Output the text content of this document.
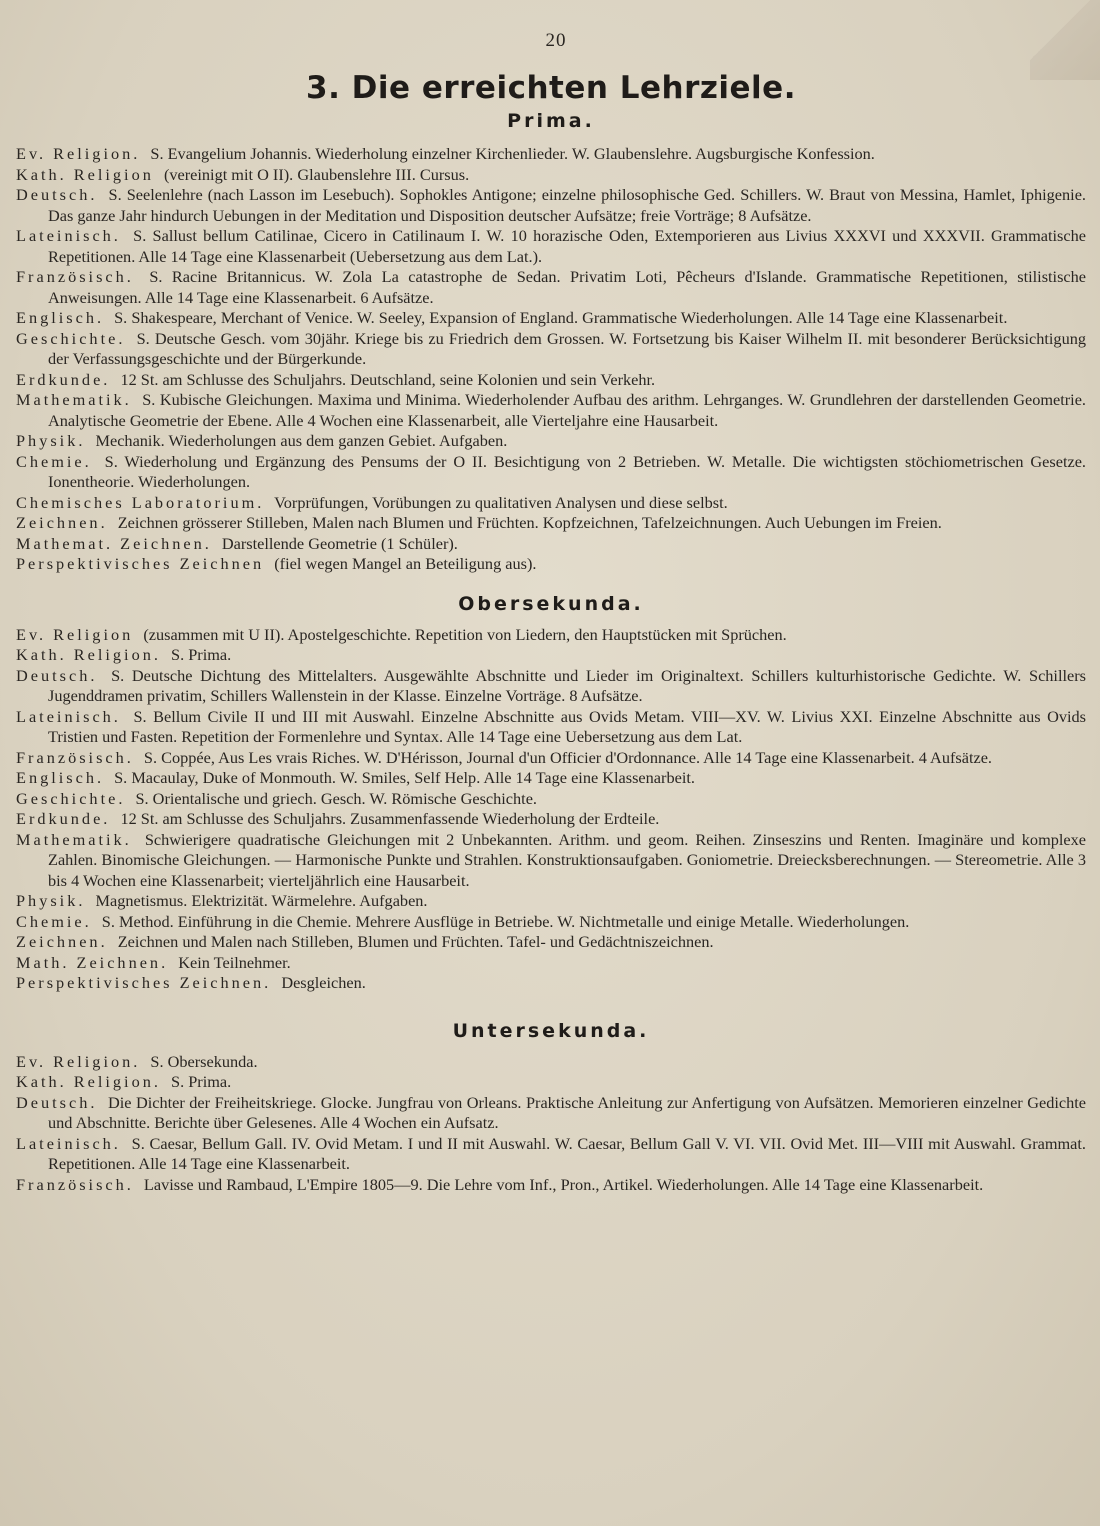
20
3. Die erreichten Lehrziele.
Prima.
Ev. Religion. S. Evangelium Johannis. Wiederholung einzelner Kirchenlieder. W. Glaubenslehre. Augsburgische Konfession.
Kath. Religion (vereinigt mit O II). Glaubenslehre III. Cursus.
Deutsch. S. Seelenlehre (nach Lasson im Lesebuch). Sophokles Antigone; einzelne philosophische Ged. Schillers. W. Braut von Messina, Hamlet, Iphigenie. Das ganze Jahr hindurch Uebungen in der Meditation und Disposition deutscher Aufsätze; freie Vorträge; 8 Aufsätze.
Lateinisch. S. Sallust bellum Catilinae, Cicero in Catilinaum I. W. 10 horazische Oden, Extemporieren aus Livius XXXVI und XXXVII. Grammatische Repetitionen. Alle 14 Tage eine Klassenarbeit (Uebersetzung aus dem Lat.).
Französisch. S. Racine Britannicus. W. Zola La catastrophe de Sedan. Privatim Loti, Pêcheurs d'Islande. Grammatische Repetitionen, stilistische Anweisungen. Alle 14 Tage eine Klassenarbeit. 6 Aufsätze.
Englisch. S. Shakespeare, Merchant of Venice. W. Seeley, Expansion of England. Grammatische Wiederholungen. Alle 14 Tage eine Klassenarbeit.
Geschichte. S. Deutsche Gesch. vom 30jähr. Kriege bis zu Friedrich dem Grossen. W. Fortsetzung bis Kaiser Wilhelm II. mit besonderer Berücksichtigung der Verfassungsgeschichte und der Bürgerkunde.
Erdkunde. 12 St. am Schlusse des Schuljahrs. Deutschland, seine Kolonien und sein Verkehr.
Mathematik. S. Kubische Gleichungen. Maxima und Minima. Wiederholender Aufbau des arithm. Lehrganges. W. Grundlehren der darstellenden Geometrie. Analytische Geometrie der Ebene. Alle 4 Wochen eine Klassenarbeit, alle Vierteljahre eine Hausarbeit.
Physik. Mechanik. Wiederholungen aus dem ganzen Gebiet. Aufgaben.
Chemie. S. Wiederholung und Ergänzung des Pensums der O II. Besichtigung von 2 Betrieben. W. Metalle. Die wichtigsten stöchiometrischen Gesetze. Ionentheorie. Wiederholungen.
Chemisches Laboratorium. Vorprüfungen, Vorübungen zu qualitativen Analysen und diese selbst.
Zeichnen. Zeichnen grösserer Stilleben, Malen nach Blumen und Früchten. Kopfzeichnen, Tafelzeichnungen. Auch Uebungen im Freien.
Mathemat. Zeichnen. Darstellende Geometrie (1 Schüler).
Perspektivisches Zeichnen (fiel wegen Mangel an Beteiligung aus).
Obersekunda.
Ev. Religion (zusammen mit U II). Apostelgeschichte. Repetition von Liedern, den Hauptstücken mit Sprüchen.
Kath. Religion. S. Prima.
Deutsch. S. Deutsche Dichtung des Mittelalters. Ausgewählte Abschnitte und Lieder im Originaltext. Schillers kulturhistorische Gedichte. W. Schillers Jugenddramen privatim, Schillers Wallenstein in der Klasse. Einzelne Vorträge. 8 Aufsätze.
Lateinisch. S. Bellum Civile II und III mit Auswahl. Einzelne Abschnitte aus Ovids Metam. VIII—XV. W. Livius XXI. Einzelne Abschnitte aus Ovids Tristien und Fasten. Repetition der Formenlehre und Syntax. Alle 14 Tage eine Uebersetzung aus dem Lat.
Französisch. S. Coppée, Aus Les vrais Riches. W. D'Hérisson, Journal d'un Officier d'Ordonnance. Alle 14 Tage eine Klassenarbeit. 4 Aufsätze.
Englisch. S. Macaulay, Duke of Monmouth. W. Smiles, Self Help. Alle 14 Tage eine Klassenarbeit.
Geschichte. S. Orientalische und griech. Gesch. W. Römische Geschichte.
Erdkunde. 12 St. am Schlusse des Schuljahrs. Zusammenfassende Wiederholung der Erdteile.
Mathematik. Schwierigere quadratische Gleichungen mit 2 Unbekannten. Arithm. und geom. Reihen. Zinseszins und Renten. Imaginäre und komplexe Zahlen. Binomische Gleichungen. — Harmonische Punkte und Strahlen. Konstruktionsaufgaben. Goniometrie. Dreiecksberechnungen. — Stereometrie. Alle 3 bis 4 Wochen eine Klassenarbeit; vierteljährlich eine Hausarbeit.
Physik. Magnetismus. Elektrizität. Wärmelehre. Aufgaben.
Chemie. S. Method. Einführung in die Chemie. Mehrere Ausflüge in Betriebe. W. Nichtmetalle und einige Metalle. Wiederholungen.
Zeichnen. Zeichnen und Malen nach Stilleben, Blumen und Früchten. Tafel- und Gedächtniszeichnen.
Math. Zeichnen. Kein Teilnehmer.
Perspektivisches Zeichnen. Desgleichen.
Untersekunda.
Ev. Religion. S. Obersekunda.
Kath. Religion. S. Prima.
Deutsch. Die Dichter der Freiheitskriege. Glocke. Jungfrau von Orleans. Praktische Anleitung zur Anfertigung von Aufsätzen. Memorieren einzelner Gedichte und Abschnitte. Berichte über Gelesenes. Alle 4 Wochen ein Aufsatz.
Lateinisch. S. Caesar, Bellum Gall. IV. Ovid Metam. I und II mit Auswahl. W. Caesar, Bellum Gall V. VI. VII. Ovid Met. III—VIII mit Auswahl. Grammat. Repetitionen. Alle 14 Tage eine Klassenarbeit.
Französisch. Lavisse und Rambaud, L'Empire 1805—9. Die Lehre vom Inf., Pron., Artikel. Wiederholungen. Alle 14 Tage eine Klassenarbeit.
